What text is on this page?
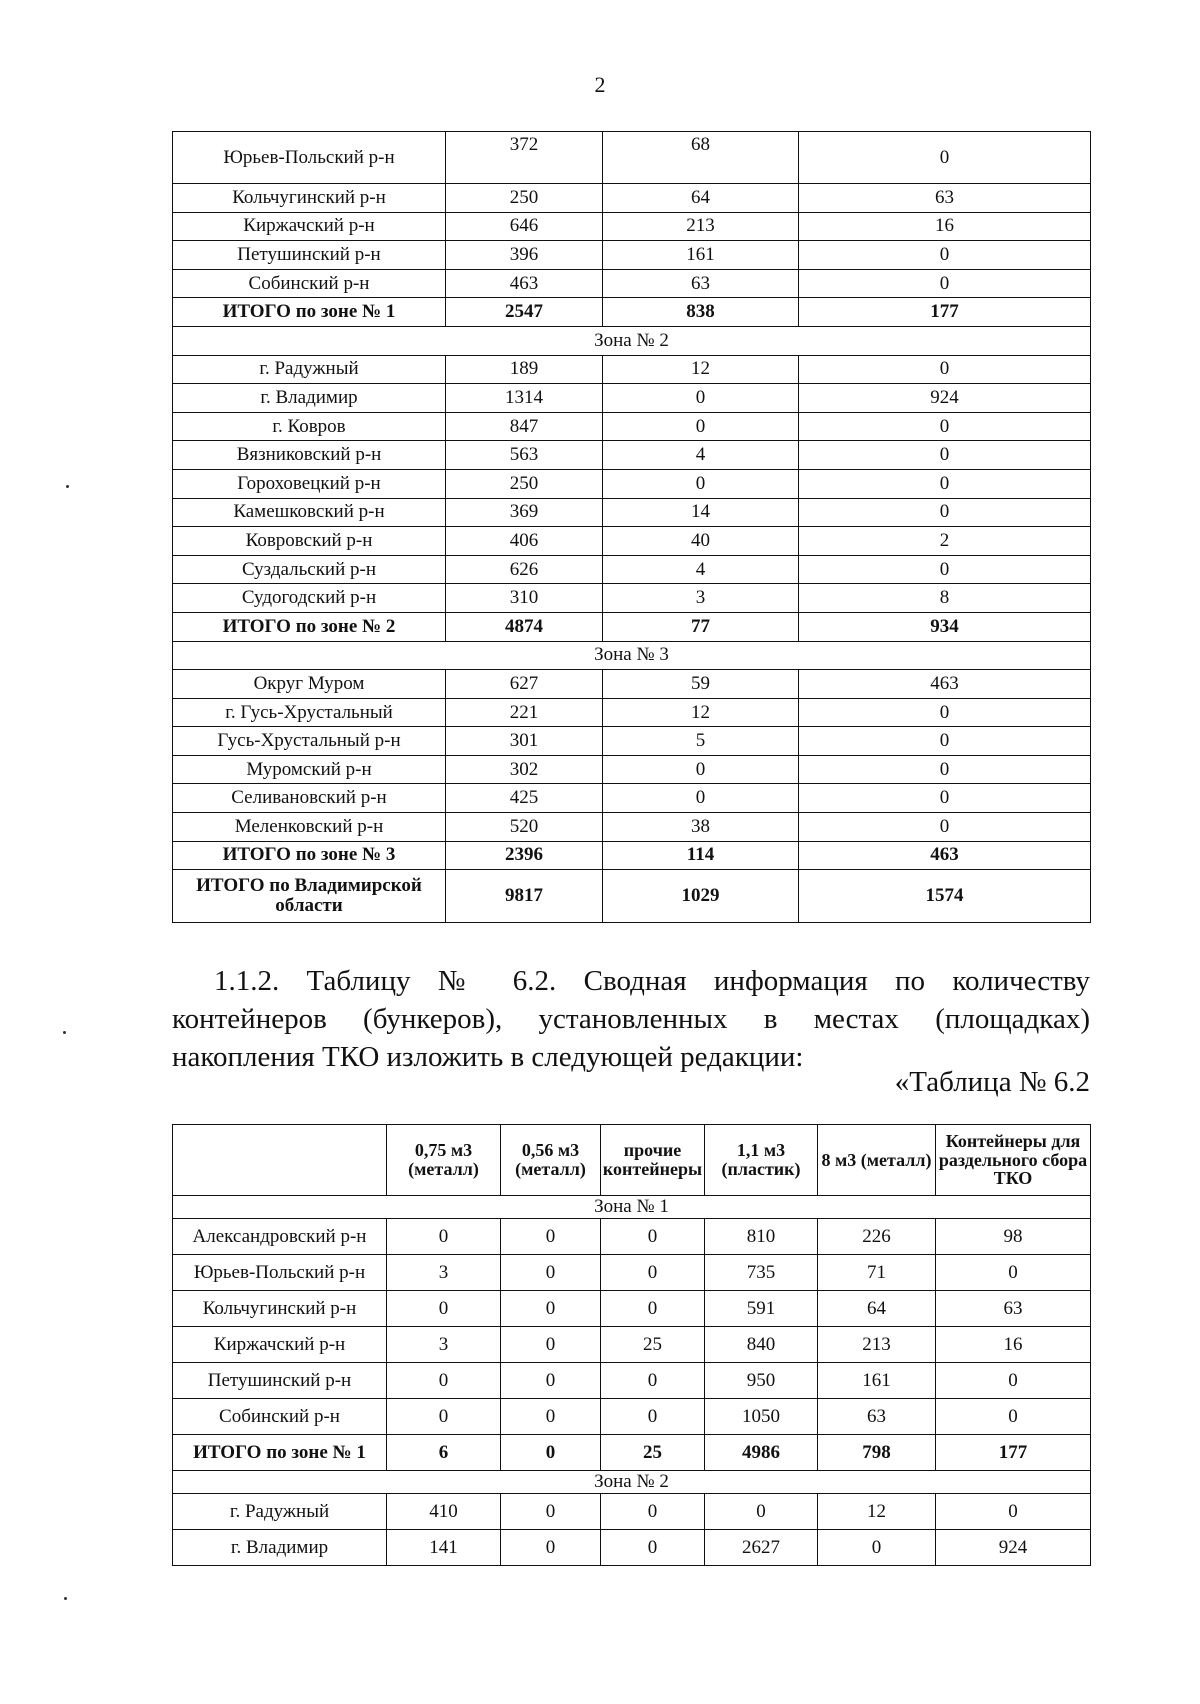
2
Юрьев-Польский р-н	372	68	0
Кольчугинский р-н	250	64	63
Киржачский р-н	646	213	16
Петушинский р-н	396	161	0
Собинский р-н	463	63	0
ИТОГО по зоне № 1	2547	838	177
Зона № 2			
г. Радужный	189	12	0
г. Владимир	1314	0	924
г. Ковров	847	0	0
Вязниковский р-н	563	4	0
Гороховецкий р-н	250	0	0
Камешковский р-н	369	14	0
Ковровский р-н	406	40	2
Суздальский р-н	626	4	0
Судогодский р-н	310	3	8
ИТОГО по зоне № 2	4874	77	934
Зона № 3			
Округ Муром	627	59	463
г. Гусь-Хрустальный	221	12	0
Гусь-Хрустальный р-н	301	5	0
Муромский р-н	302	0	0
Селивановский р-н	425	0	0
Меленковский р-н	520	38	0
ИТОГО по зоне № 3	2396	114	463
ИТОГО по Владимирской области	9817	1029	1574
1.1.2. Таблицу № 6.2. Сводная информация по количеству контейнеров (бункеров), установленных в местах (площадках) накопления ТКО изложить в следующей редакции:
«Таблица № 6.2
	0,75 м3 (металл)	0,56 м3 (металл)	прочие контейнеры	1,1 м3 (пластик)	8 м3 (металл)	Контейнеры для раздельного сбора ТКО
Зона № 1						
Александровский р-н	0	0	0	810	226	98
Юрьев-Польский р-н	3	0	0	735	71	0
Кольчугинский р-н	0	0	0	591	64	63
Киржачский р-н	3	0	25	840	213	16
Петушинский р-н	0	0	0	950	161	0
Собинский р-н	0	0	0	1050	63	0
ИТОГО по зоне № 1	6	0	25	4986	798	177
Зона № 2						
г. Радужный	410	0	0	0	12	0
г. Владимир	141	0	0	2627	0	924
